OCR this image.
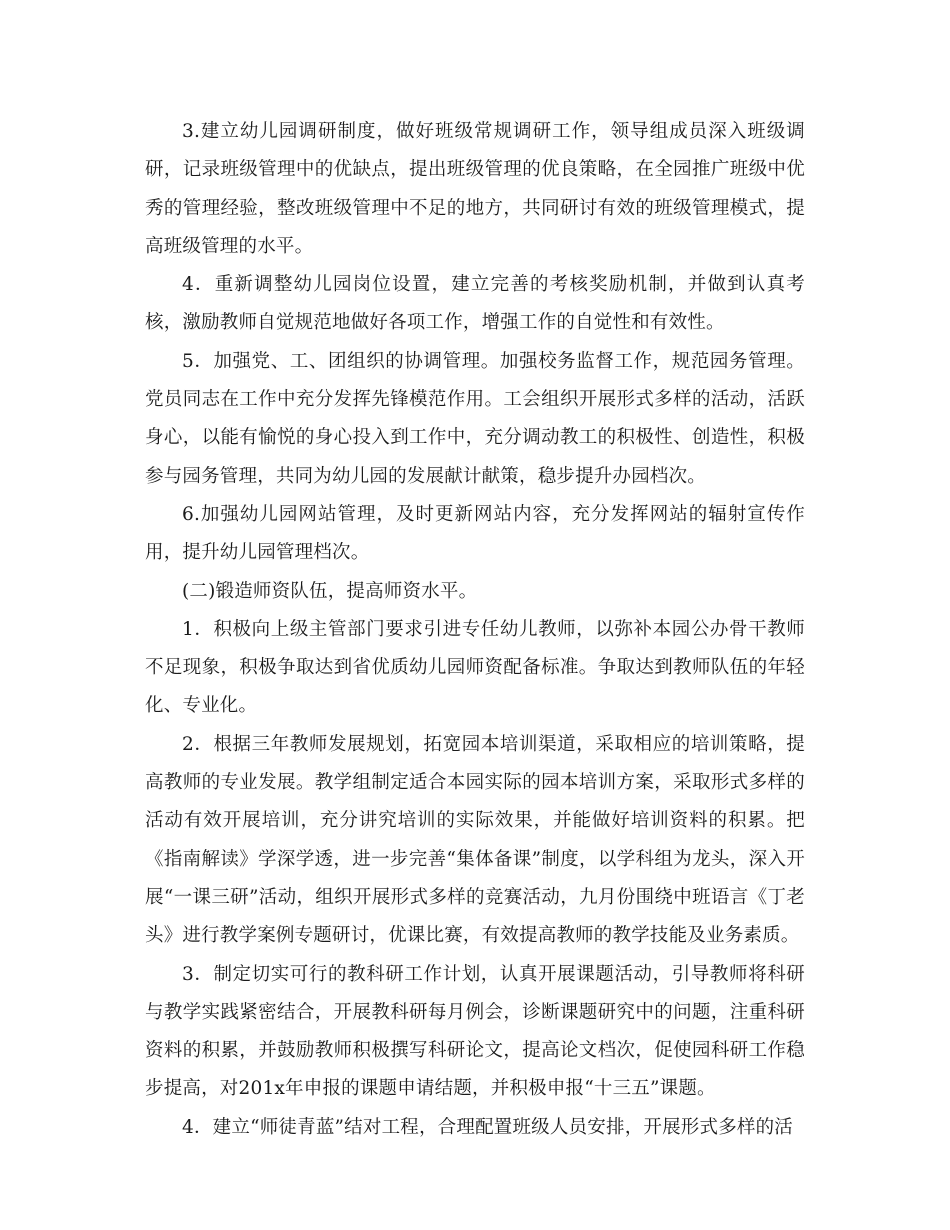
3.建立幼儿园调研制度，做好班级常规调研工作，领导组成员深入班级调研，记录班级管理中的优缺点，提出班级管理的优良策略，在全园推广班级中优秀的管理经验，整改班级管理中不足的地方，共同研讨有效的班级管理模式，提高班级管理的水平。

4．重新调整幼儿园岗位设置，建立完善的考核奖励机制，并做到认真考核，激励教师自觉规范地做好各项工作，增强工作的自觉性和有效性。

5．加强党、工、团组织的协调管理。加强校务监督工作，规范园务管理。党员同志在工作中充分发挥先锋模范作用。工会组织开展形式多样的活动，活跃身心，以能有愉悦的身心投入到工作中，充分调动教工的积极性、创造性，积极参与园务管理，共同为幼儿园的发展献计献策，稳步提升办园档次。

6.加强幼儿园网站管理，及时更新网站内容，充分发挥网站的辐射宣传作用，提升幼儿园管理档次。

(二)锻造师资队伍，提高师资水平。

1．积极向上级主管部门要求引进专任幼儿教师，以弥补本园公办骨干教师不足现象，积极争取达到省优质幼儿园师资配备标准。争取达到教师队伍的年轻化、专业化。

2．根据三年教师发展规划，拓宽园本培训渠道，采取相应的培训策略，提高教师的专业发展。教学组制定适合本园实际的园本培训方案，采取形式多样的活动有效开展培训，充分讲究培训的实际效果，并能做好培训资料的积累。把《指南解读》学深学透，进一步完善“集体备课”制度，以学科组为龙头，深入开展“一课三研”活动，组织开展形式多样的竞赛活动，九月份围绕中班语言《丁老头》进行教学案例专题研讨，优课比赛，有效提高教师的教学技能及业务素质。

3．制定切实可行的教科研工作计划，认真开展课题活动，引导教师将科研与教学实践紧密结合，开展教科研每月例会，诊断课题研究中的问题，注重科研资料的积累，并鼓励教师积极撰写科研论文，提高论文档次，促使园科研工作稳步提高，对201x年申报的课题申请结题，并积极申报“十三五”课题。

4．建立“师徒青蓝”结对工程，合理配置班级人员安排，开展形式多样的活
